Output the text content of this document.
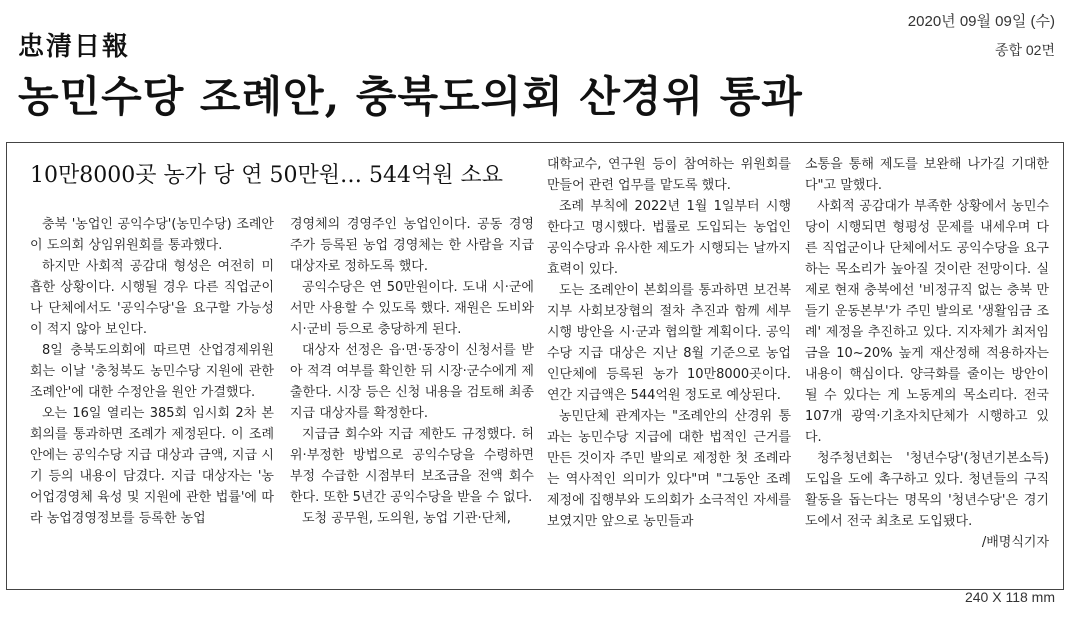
忠清日報
2020년 09월 09일 (수)
종합 02면
농민수당 조례안, 충북도의회 산경위 통과
10만8000곳 농가 당 연 50만원… 544억원 소요

충북 '농업인 공익수당'(농민수당) 조례안이 도의회 상임위원회를 통과했다.

하지만 사회적 공감대 형성은 여전히 미흡한 상황이다. 시행될 경우 다른 직업군이나 단체에서도 '공익수당'을 요구할 가능성이 적지 않아 보인다.

8일 충북도의회에 따르면 산업경제위원회는 이날 '충청북도 농민수당 지원에 관한 조례안'에 대한 수정안을 원안 가결했다.

오는 16일 열리는 385회 임시회 2차 본회의를 통과하면 조례가 제정된다. 이 조례안에는 공익수당 지급 대상과 금액, 지급 시기 등의 내용이 담겼다. 지급 대상자는 '농어업경영체 육성 및 지원에 관한 법률'에 따라 농업경영정보를 등록한 농업

경영체의 경영주인 농업인이다. 공동 경영주가 등록된 농업 경영체는 한 사람을 지급 대상자로 정하도록 했다.

공익수당은 연 50만원이다. 도내 시·군에서만 사용할 수 있도록 했다. 재원은 도비와 시·군비 등으로 충당하게 된다.

대상자 선정은 읍·면·동장이 신청서를 받아 적격 여부를 확인한 뒤 시장·군수에게 제출한다. 시장 등은 신청 내용을 검토해 최종 지급 대상자를 확정한다.

지급금 회수와 지급 제한도 규정했다. 허위·부정한 방법으로 공익수당을 수령하면 부정 수급한 시점부터 보조금을 전액 회수한다. 또한 5년간 공익수당을 받을 수 없다.

도청 공무원, 도의원, 농업 기관·단체,

대학교수, 연구원 등이 참여하는 위원회를 만들어 관련 업무를 맡도록 했다.

조례 부칙에 2022년 1월 1일부터 시행한다고 명시했다. 법률로 도입되는 농업인 공익수당과 유사한 제도가 시행되는 날까지 효력이 있다.

도는 조례안이 본회의를 통과하면 보건복지부 사회보장협의 절차 추진과 함께 세부시행 방안을 시·군과 협의할 계획이다. 공익수당 지급 대상은 지난 8월 기준으로 농업인단체에 등록된 농가 10만8000곳이다. 연간 지급액은 544억원 정도로 예상된다.

농민단체 관계자는 "조례안의 산경위 통과는 농민수당 지급에 대한 법적인 근거를 만든 것이자 주민 발의로 제정한 첫 조례라는 역사적인 의미가 있다"며 "그동안 조례 제정에 집행부와 도의회가 소극적인 자세를 보였지만 앞으로 농민들과

소통을 통해 제도를 보완해 나가길 기대한다"고 말했다.

사회적 공감대가 부족한 상황에서 농민수당이 시행되면 형평성 문제를 내세우며 다른 직업군이나 단체에서도 공익수당을 요구하는 목소리가 높아질 것이란 전망이다. 실제로 현재 충북에선 '비정규직 없는 충북 만들기 운동본부'가 주민 발의로 '생활임금 조례' 제정을 추진하고 있다. 지자체가 최저임금을 10~20% 높게 재산정해 적용하자는 내용이 핵심이다. 양극화를 줄이는 방안이 될 수 있다는 게 노동계의 목소리다. 전국 107개 광역·기초자치단체가 시행하고 있다.

청주청년회는 '청년수당'(청년기본소득) 도입을 도에 촉구하고 있다. 청년들의 구직활동을 돕는다는 명목의 '청년수당'은 경기도에서 전국 최초로 도입됐다.

/배명식기자

240 X 118 mm
